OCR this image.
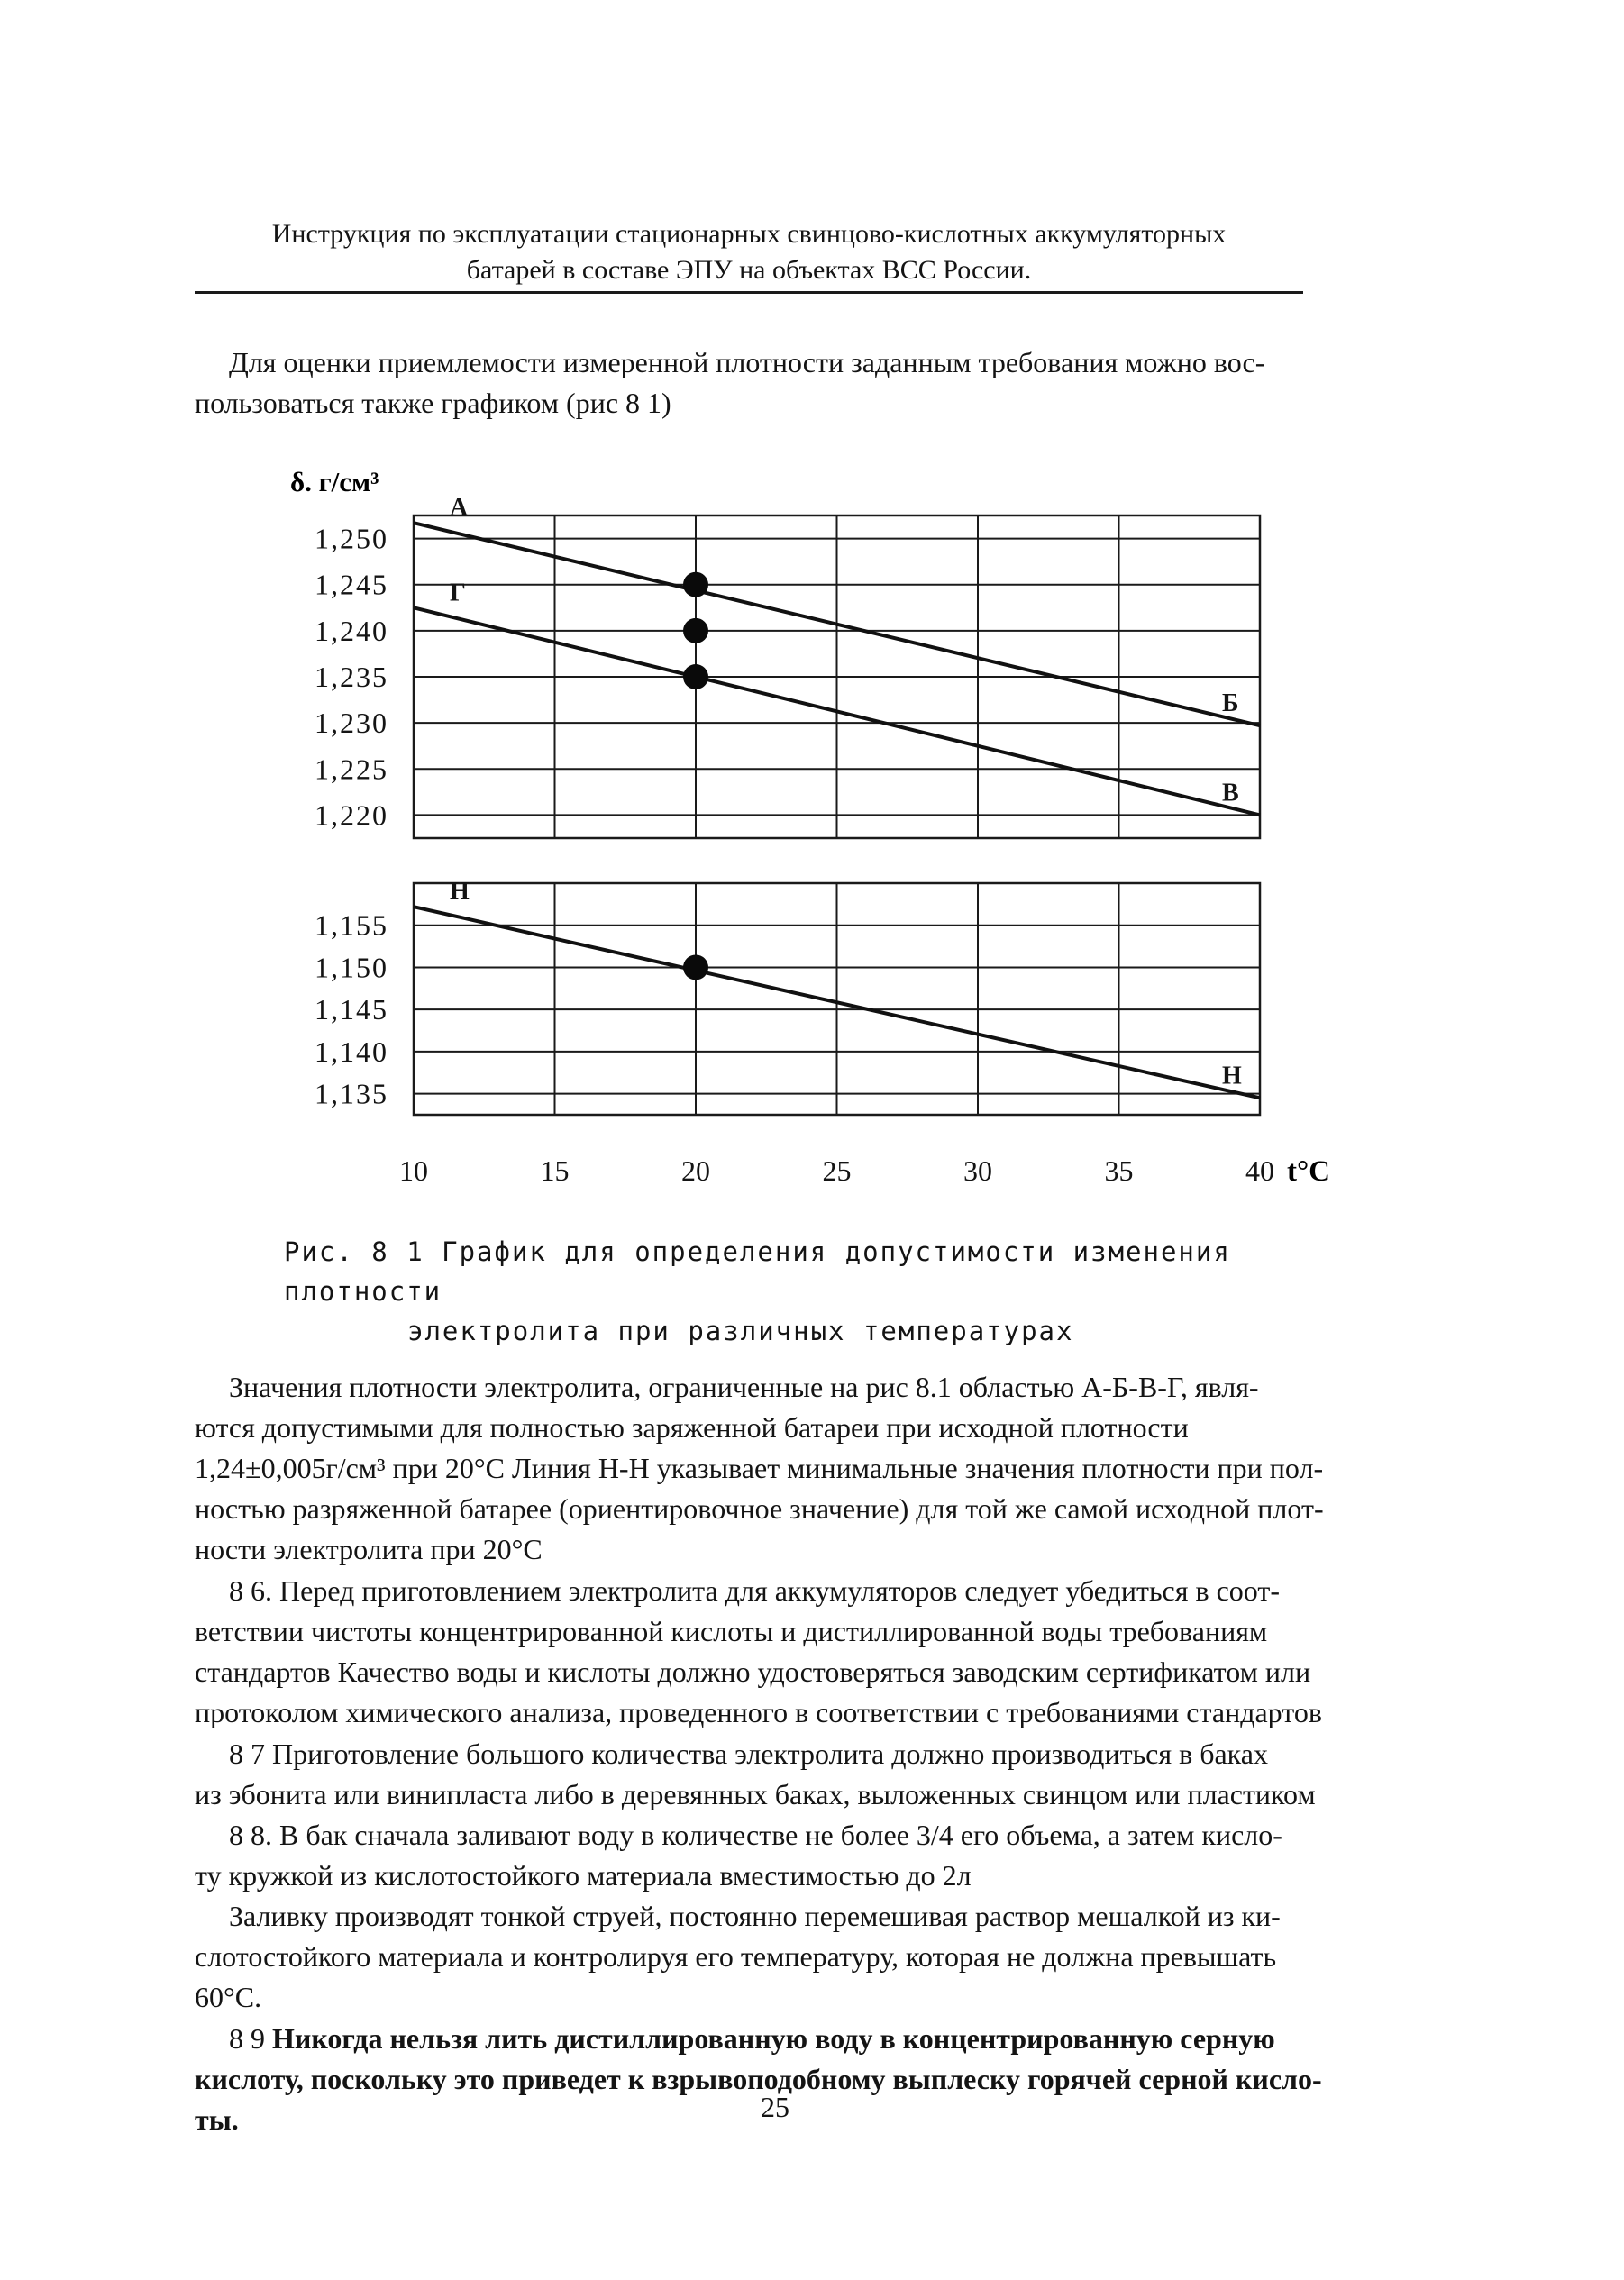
Инструкция по эксплуатации стационарных свинцово-кислотных аккумуляторных
батарей в составе ЭПУ на объектах ВСС России.
Для оценки приемлемости измеренной плотности заданным требования можно вос-
пользоваться также графиком (рис 8 1)
δ. г/см³
t°C
1,250
1,245
1,240
1,235
1,230
1,225
1,220
А
Б
Г
В
1,155
1,150
1,145
1,140
1,135
Н
Н
10	15	20	25	30	35	40
Рис. 8 1 График для определения допустимости изменения плотности
электролита при различных температурах
Значения плотности электролита, ограниченные на рис 8.1 областью А-Б-В-Г, явля-
ются допустимыми для полностью заряженной батареи при исходной плотности
1,24±0,005г/см³ при 20°С Линия Н-Н указывает минимальные значения плотности при пол-
ностью разряженной батарее (ориентировочное значение) для той же самой исходной плот-
ности электролита при 20°С
8 6. Перед приготовлением электролита для аккумуляторов следует убедиться в соот-
ветствии чистоты концентрированной кислоты и дистиллированной воды требованиям
стандартов Качество воды и кислоты должно удостоверяться заводским сертификатом или
протоколом химического анализа, проведенного в соответствии с требованиями стандартов
8 7 Приготовление большого количества электролита должно производиться в баках
из эбонита или винипласта либо в деревянных баках, выложенных свинцом или пластиком
8 8. В бак сначала заливают воду в количестве не более 3/4 его объема, а затем кисло-
ту кружкой из кислотостойкого материала вместимостью до 2л
Заливку производят тонкой струей, постоянно перемешивая раствор мешалкой из ки-
слотостойкого материала и контролируя его температуру, которая не должна превышать
60°С.
8 9 Никогда нельзя лить дистиллированную воду в концентрированную серную
кислоту, поскольку это приведет к взрывоподобному выплеску горячей серной кисло-
ты.	25
